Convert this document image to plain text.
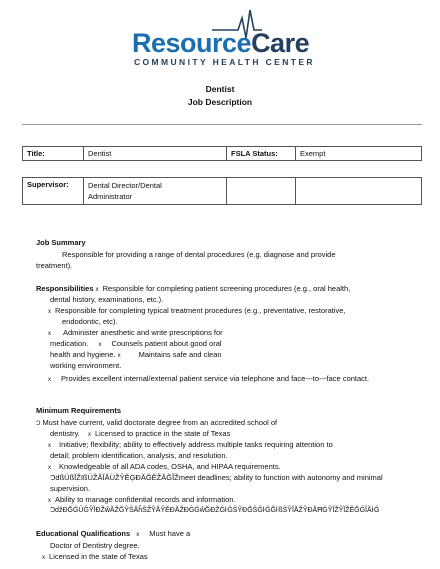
ResourceCare
COMMUNITY HEALTH CENTER
Dentist
Job Description
Title:	Dentist	FSLA Status:	Exempt
Supervisor:	Dental Director/Dental
Administrator

Job Summary
Responsible for providing a range of dental procedures (e.g. diagnose and provide
treatment).
Responsibilities x Responsible for completing patient screening procedures (e.g., oral health,
dental history, examinations, etc.).
x Responsible for completing typical treatment procedures (e.g., preventative, restorative,
endodontic, etc).
x Administer anesthetic and write prescriptions for
medication. x Counsels patient about good oral
health and hygiene. x Maintains safe and clean
working environment.
x Provides excellent internal/external patient service via telephone and face---to---face contact.
Minimum Requirements
Ͻ Must have current, valid doctorate degree from an accredited school of
dentistry. x Licensed to practice in the state of Texas
x Initiative; flexibility; ability to effectively address multiple tasks requiring attention to
detail; problem identification, analysis, and resolution.
x Knowledgeable of all ADA codes, OSHA, and HIPAA requirements.
ϽdßÜßĬŽïßÜŽĂĬĂÜŽŶĔĢĐĂĞĔŽĂĞĨŽmeet deadlines; ability to function with autonomy and minimal
supervision.
x Ability to manage confidential records and information.
ϽdžĐĞĜÜĜŶĬĐŽŵĂŽĞŶŠĂĥŠŽŶĂŶĔĐĂŽĐĜĜŵĞĐŽĜŀĜŠŶĐĞŠĜŀĜĞŀßŠŶĬĂŽŶĐĂĦĜŶĬŽŶĬŽĔĞĜĬĂŀĜ
Educational Qualifications x Must have a
Doctor of Dentistry degree.
x Licensed in the state of Texas
